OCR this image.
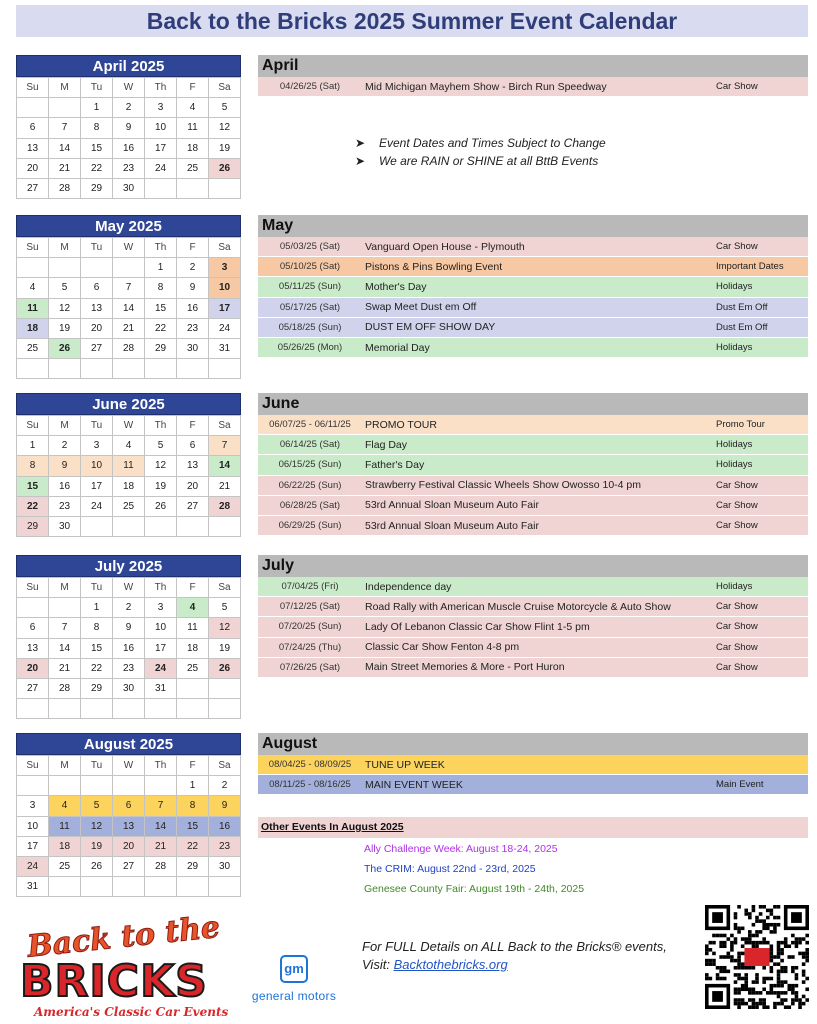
Back to the Bricks 2025 Summer Event Calendar
April 2025
Su	M	Tu	W	Th	F	Sa
		1	2	3	4	5
6	7	8	9	10	11	12
13	14	15	16	17	18	19
20	21	22	23	24	25	26
27	28	29	30			
April
04/26/25 (Sat)	Mid Michigan Mayhem Show - Birch Run Speedway	Car Show
May 2025
Su	M	Tu	W	Th	F	Sa
				1	2	3
4	5	6	7	8	9	10
11	12	13	14	15	16	17
18	19	20	21	22	23	24
25	26	27	28	29	30	31

May
05/03/25 (Sat)	Vanguard Open House - Plymouth	Car Show
05/10/25 (Sat)	Pistons & Pins Bowling Event	Important Dates
05/11/25 (Sun)	Mother's Day	Holidays
05/17/25 (Sat)	Swap Meet Dust em Off	Dust Em Off
05/18/25 (Sun)	DUST EM OFF SHOW DAY	Dust Em Off
05/26/25 (Mon)	Memorial Day	Holidays
June 2025
Su	M	Tu	W	Th	F	Sa
1	2	3	4	5	6	7
8	9	10	11	12	13	14
15	16	17	18	19	20	21
22	23	24	25	26	27	28
29	30					
June
06/07/25 - 06/11/25	PROMO TOUR	Promo Tour
06/14/25 (Sat)	Flag Day	Holidays
06/15/25 (Sun)	Father's Day	Holidays
06/22/25 (Sun)	Strawberry Festival Classic Wheels Show Owosso 10-4 pm	Car Show
06/28/25 (Sat)	53rd Annual Sloan Museum Auto Fair	Car Show
06/29/25 (Sun)	53rd Annual Sloan Museum Auto Fair	Car Show
July 2025
Su	M	Tu	W	Th	F	Sa
		1	2	3	4	5
6	7	8	9	10	11	12
13	14	15	16	17	18	19
20	21	22	23	24	25	26
27	28	29	30	31		

July
07/04/25 (Fri)	Independence day	Holidays
07/12/25 (Sat)	Road Rally with American Muscle Cruise Motorcycle & Auto Show	Car Show
07/20/25 (Sun)	Lady Of Lebanon Classic Car Show Flint 1-5 pm	Car Show
07/24/25 (Thu)	Classic Car Show Fenton 4-8 pm	Car Show
07/26/25 (Sat)	Main Street Memories & More - Port Huron	Car Show
August 2025
Su	M	Tu	W	Th	F	Sa
					1	2
3	4	5	6	7	8	9
10	11	12	13	14	15	16
17	18	19	20	21	22	23
24	25	26	27	28	29	30
31						
August
08/04/25 - 08/09/25	TUNE UP WEEK
08/11/25 - 08/16/25	MAIN EVENT WEEK	Main Event
➤ Event Dates and Times Subject to Change
➤ We are RAIN or SHINE at all BttB Events
Other Events In August 2025
Ally Challenge Week: August 18-24, 2025
The CRIM: August 22nd - 23rd, 2025
Genesee County Fair: August 19th - 24th, 2025
Back to the
BRICKS
America's Classic Car Events
gm
general motors
For FULL Details on ALL Back to the Bricks® events,
Visit: Backtothebricks.org
